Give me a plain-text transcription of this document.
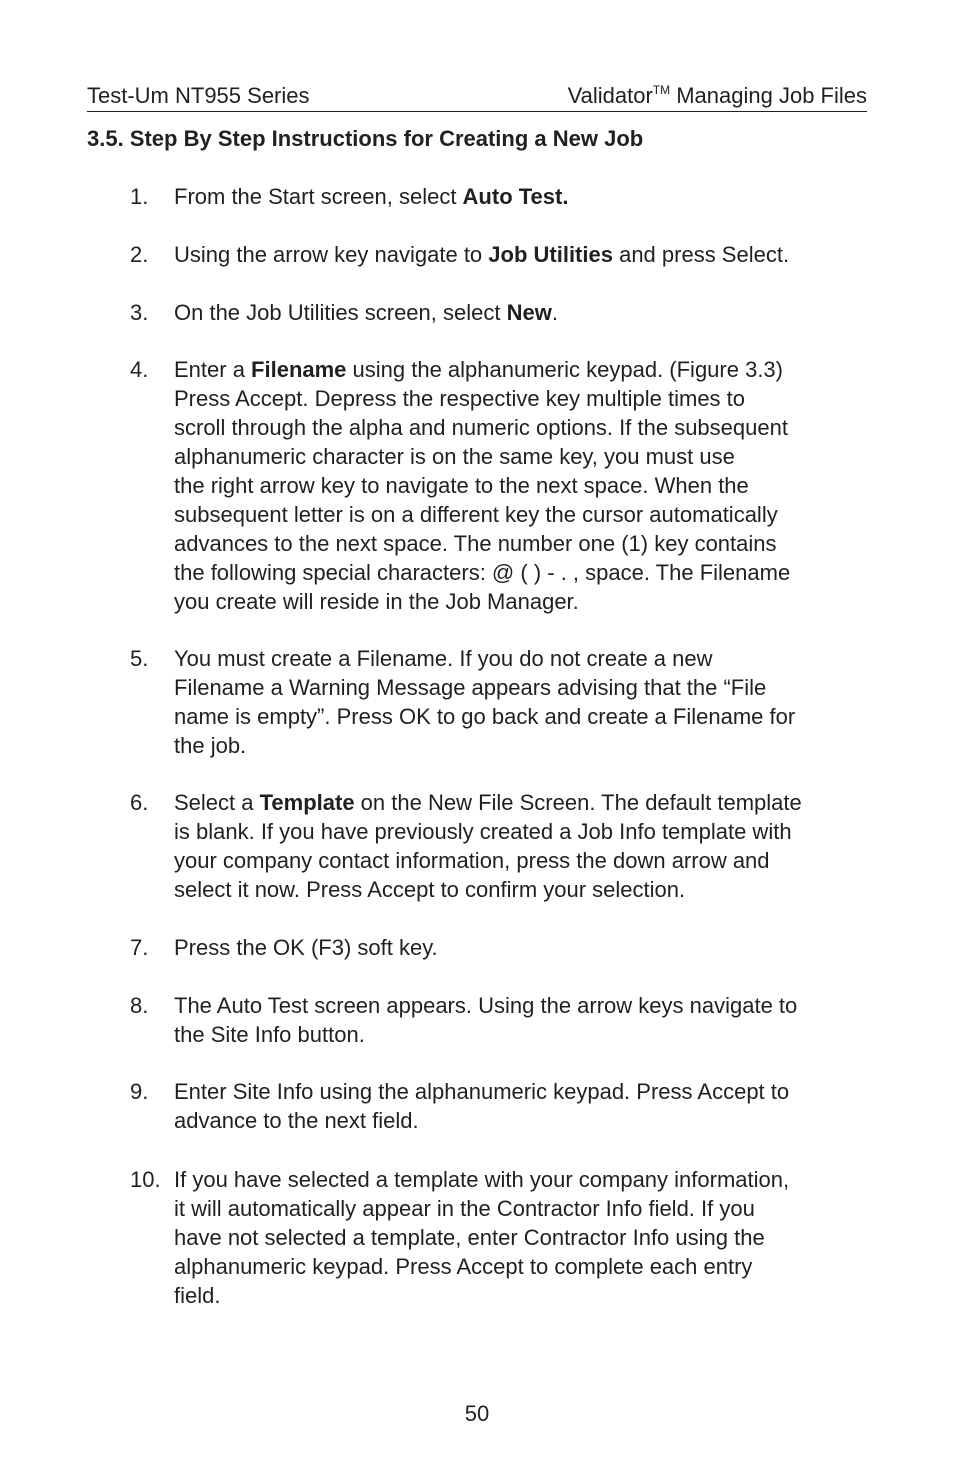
Test-Um NT955 Series	Validator™ Managing Job Files
3.5. Step By Step Instructions for Creating a New Job
1. From the Start screen, select Auto Test.
2. Using the arrow key navigate to Job Utilities and press Select.
3. On the Job Utilities screen, select New.
4. Enter a Filename using the alphanumeric keypad. (Figure 3.3)
Press Accept. Depress the respective key multiple times to
scroll through the alpha and numeric options. If the subsequent
alphanumeric character is on the same key, you must use
the right arrow key to navigate to the next space. When the
subsequent letter is on a different key the cursor automatically
advances to the next space. The number one (1) key contains
the following special characters: @ ( ) - . , space. The Filename
you create will reside in the Job Manager.
5. You must create a Filename. If you do not create a new
Filename a Warning Message appears advising that the “File
name is empty”. Press OK to go back and create a Filename for
the job.
6. Select a Template on the New File Screen. The default template
is blank. If you have previously created a Job Info template with
your company contact information, press the down arrow and
select it now. Press Accept to confirm your selection.
7. Press the OK (F3) soft key.
8. The Auto Test screen appears. Using the arrow keys navigate to
the Site Info button.
9. Enter Site Info using the alphanumeric keypad. Press Accept to
advance to the next field.
10. If you have selected a template with your company information,
it will automatically appear in the Contractor Info field. If you
have not selected a template, enter Contractor Info using the
alphanumeric keypad. Press Accept to complete each entry
field.
50
